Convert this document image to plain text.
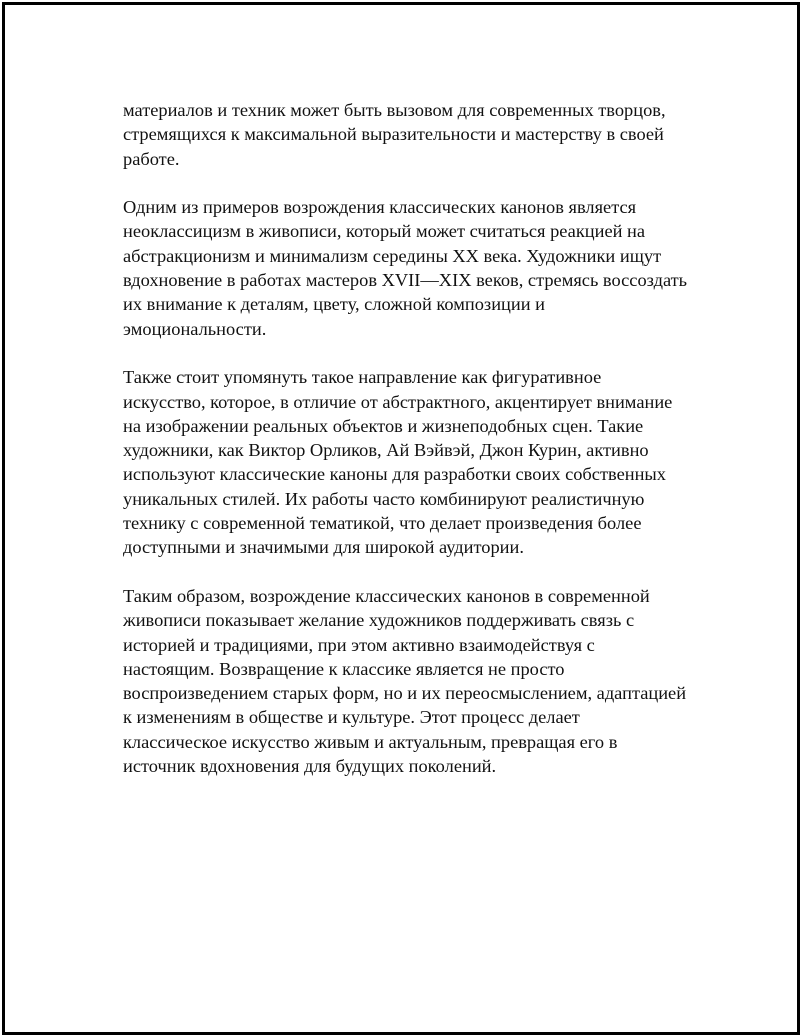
материалов и техник может быть вызовом для современных творцов,
стремящихся к максимальной выразительности и мастерству в своей
работе.

Одним из примеров возрождения классических канонов является
неоклассицизм в живописи, который может считаться реакцией на
абстракционизм и минимализм середины XX века. Художники ищут
вдохновение в работах мастеров XVII—XIX веков, стремясь воссоздать
их внимание к деталям, цвету, сложной композиции и
эмоциональности.

Также стоит упомянуть такое направление как фигуративное
искусство, которое, в отличие от абстрактного, акцентирует внимание
на изображении реальных объектов и жизнеподобных сцен. Такие
художники, как Виктор Орликов, Ай Вэйвэй, Джон Курин, активно
используют классические каноны для разработки своих собственных
уникальных стилей. Их работы часто комбинируют реалистичную
технику с современной тематикой, что делает произведения более
доступными и значимыми для широкой аудитории.

Таким образом, возрождение классических канонов в современной
живописи показывает желание художников поддерживать связь с
историей и традициями, при этом активно взаимодействуя с
настоящим. Возвращение к классике является не просто
воспроизведением старых форм, но и их переосмыслением, адаптацией
к изменениям в обществе и культуре. Этот процесс делает
классическое искусство живым и актуальным, превращая его в
источник вдохновения для будущих поколений.
